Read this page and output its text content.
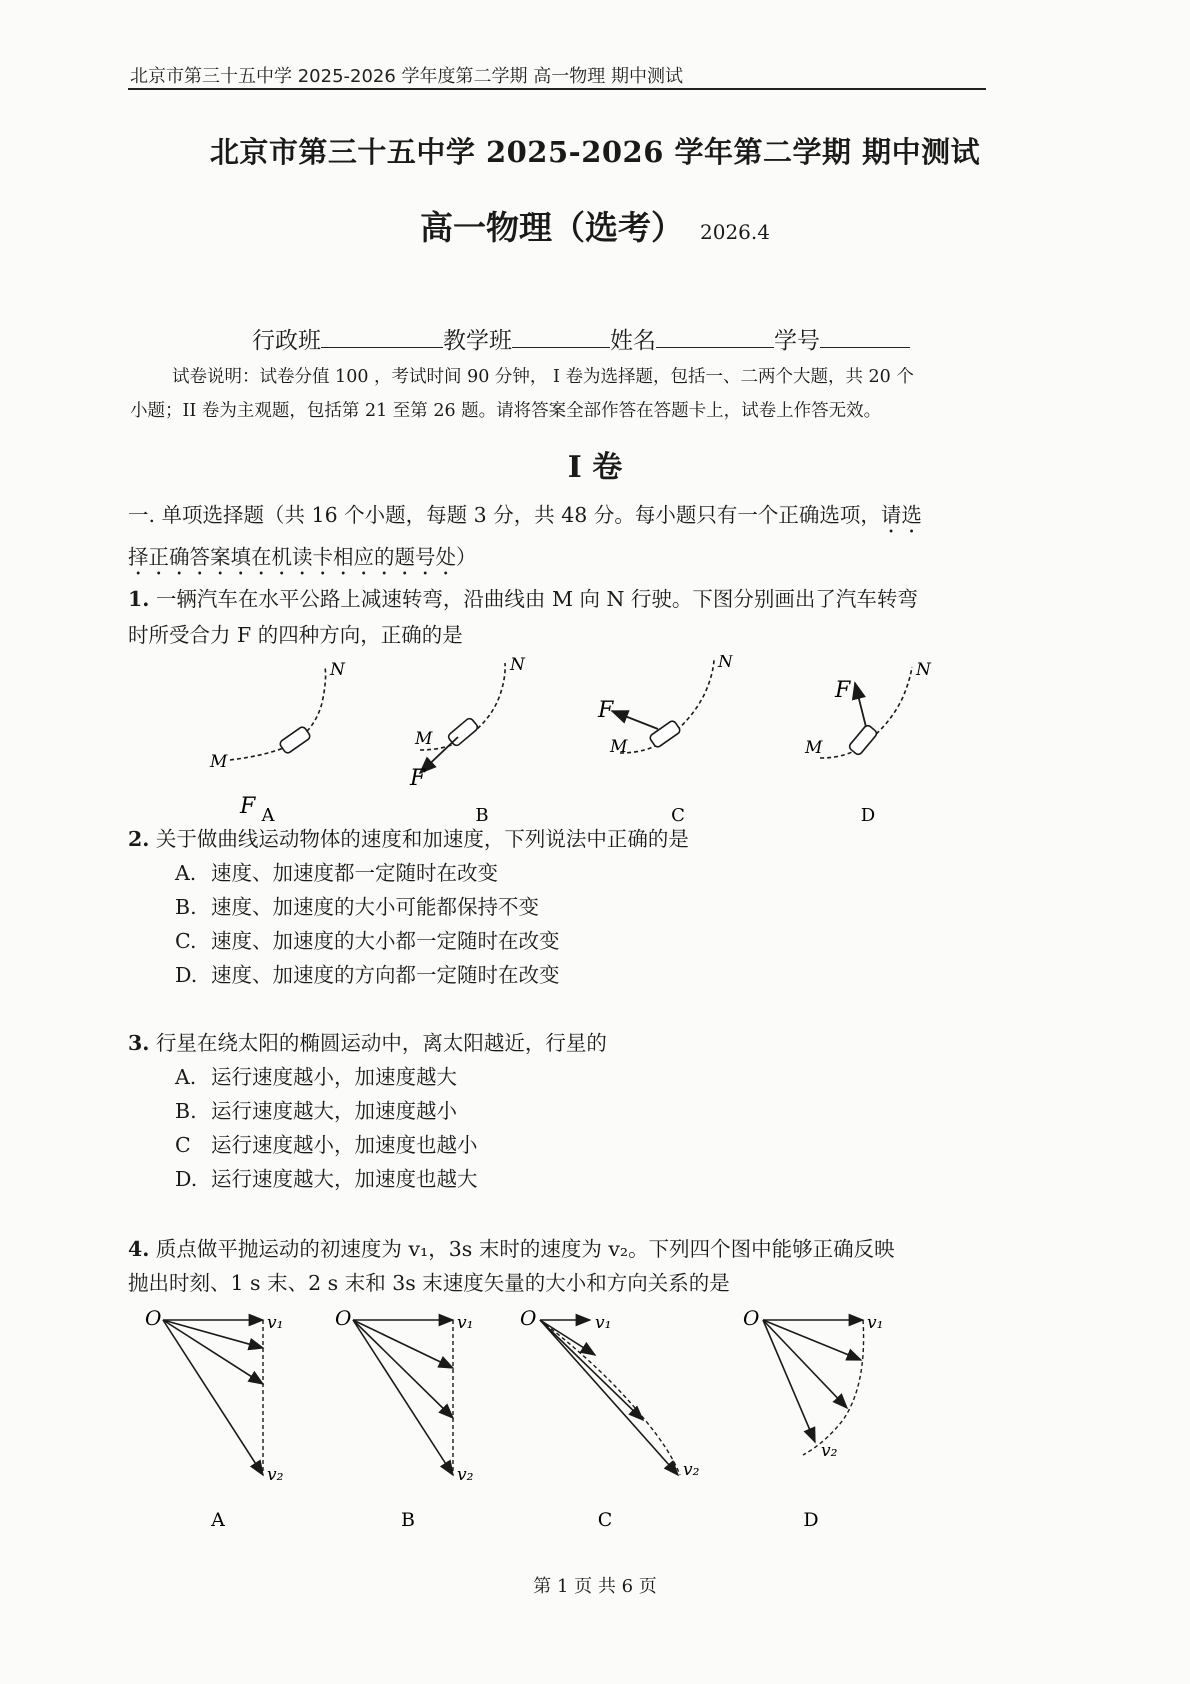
北京市第三十五中学 2025-2026 学年度第二学期 高一物理 期中测试
北京市第三十五中学 2025-2026 学年第二学期 期中测试
高一物理（选考） 2026.4
行政班	教学班	姓名	学号
试卷说明：试卷分值 100 ，考试时间 90 分钟， I 卷为选择题，包括一、二两个大题，共 20 个
小题；II 卷为主观题，包括第 21 至第 26 题。请将答案全部作答在答题卡上，试卷上作答无效。
I 卷
一. 单项选择题（共 16 个小题，每题 3 分，共 48 分。每小题只有一个正确选项，请选
择正确答案填在机读卡相应的题号处）
1. 一辆汽车在水平公路上减速转弯，沿曲线由 M 向 N 行驶。下图分别画出了汽车转弯
时所受合力 F 的四种方向，正确的是
M
N
F A
M
N
F
B
M
N
F
C
M
N
F
D
2. 关于做曲线运动物体的速度和加速度，下列说法中正确的是
A. 速度、加速度都一定随时在改变
B. 速度、加速度的大小可能都保持不变
C. 速度、加速度的大小都一定随时在改变
D. 速度、加速度的方向都一定随时在改变
3. 行星在绕太阳的椭圆运动中，离太阳越近，行星的
A. 运行速度越小，加速度越大
B. 运行速度越大，加速度越小
C 运行速度越小，加速度也越小
D. 运行速度越大，加速度也越大
4. 质点做平抛运动的初速度为 v₁，3s 末时的速度为 v₂。下列四个图中能够正确反映
抛出时刻、1 s 末、2 s 末和 3s 末速度矢量的大小和方向关系的是
O	v₁
v₂
A
O	v₁
v₂
B
O	v₁
v₂
C
O	v₁
v₂
D
第 1 页 共 6 页
